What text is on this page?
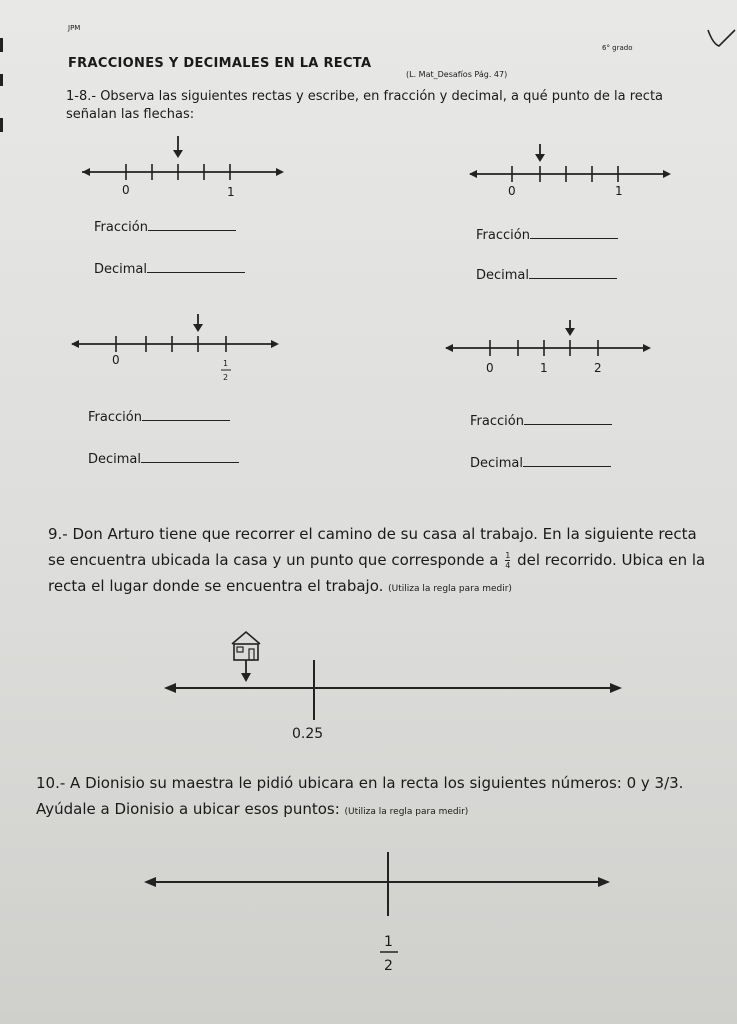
JPM
6° grado
FRACCIONES Y DECIMALES EN LA RECTA
(L. Mat_Desafíos Pág. 47)
1-8.- Observa las siguientes rectas y escribe, en fracción y decimal, a qué punto de la recta señalan las flechas:
0	1	0	1
Fracción
Fracción
Decimal	Decimal
0	1
2
0	1	2
Fracción	Fracción
Decimal	Decimal
9.- Don Arturo tiene que recorrer el camino de su casa al trabajo. En la siguiente recta se encuentra ubicada la casa y un punto que corresponde a $\frac{1}{4}$ del recorrido. Ubica en la recta el lugar donde se encuentra el trabajo. (Utiliza la regla para medir)
0.25
10.- A Dionisio su maestra le pidió ubicara en la recta los siguientes números: 0 y 3/3. Ayúdale a Dionisio a ubicar esos puntos: (Utiliza la regla para medir)
1
2
